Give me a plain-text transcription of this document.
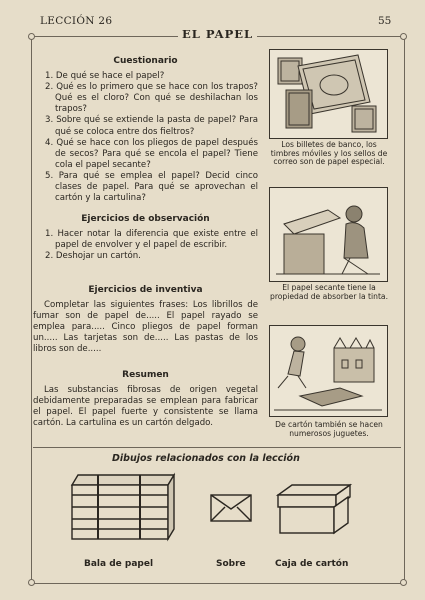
LECCIÓN 26	55
EL PAPEL
Cuestionario

1. De qué se hace el papel?

2. Qué es lo primero que se hace con los trapos? Qué es el cloro? Con qué se deshilachan los trapos?

3. Sobre qué se extiende la pasta de papel? Para qué se coloca entre dos fieltros?

4. Qué se hace con los pliegos de papel después de secos? Para qué se encola el papel? Tiene cola el papel secante?

5. Para qué se emplea el papel? Decid cinco clases de papel. Para qué se aprovechan el cartón y la cartulina?

Ejercicios de observación

1. Hacer notar la diferencia que existe entre el papel de envolver y el papel de escribir.

2. Deshojar un cartón.

Ejercicios de inventiva

Completar las siguientes frases: Los librillos de fumar son de papel de..... El papel rayado se emplea para..... Cinco pliegos de papel forman un..... Las tarjetas son de..... Las pastas de los libros son de.....

Resumen

Las substancias fibrosas de origen vegetal debidamente preparadas se emplean para fabricar el papel. El papel fuerte y consistente se llama cartón. La cartulina es un cartón delgado.

Los billetes de banco, los timbres móviles y los sellos de correo son de papel especial.
El papel secante tiene la propiedad de absorber la tinta.
De cartón también se hacen numerosos juguetes.
Dibujos relacionados con la lección
Bala de papel	Sobre	Caja de cartón
